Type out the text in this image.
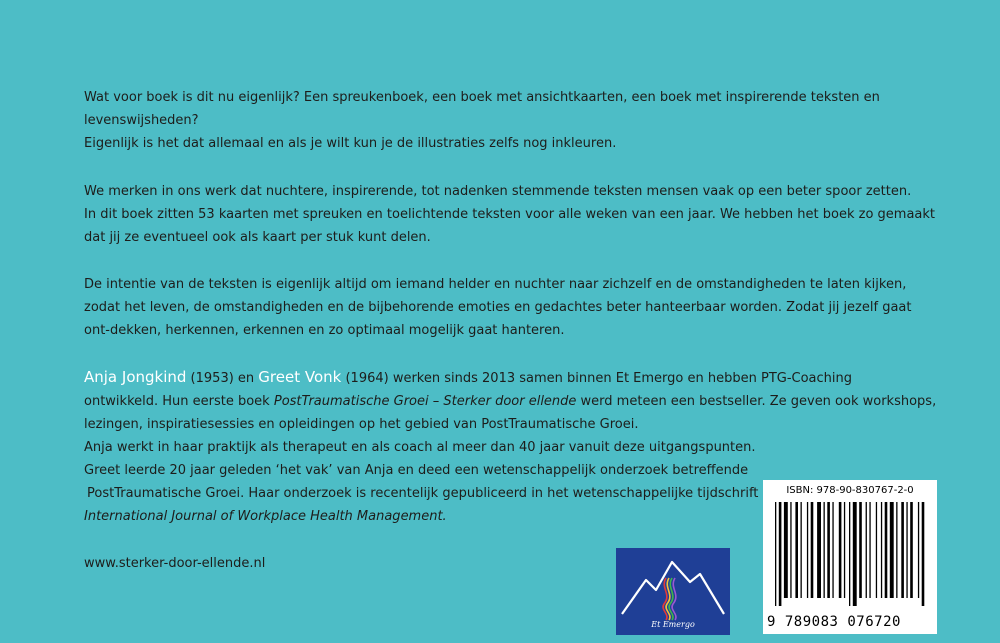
Wat voor boek is dit nu eigenlijk? Een spreukenboek, een boek met ansichtkaarten, een boek met inspirerende teksten en
levenswijsheden?
Eigenlijk is het dat allemaal en als je wilt kun je de illustraties zelfs nog inkleuren.

We merken in ons werk dat nuchtere, inspirerende, tot nadenken stemmende teksten mensen vaak op een beter spoor zetten.
In dit boek zitten 53 kaarten met spreuken en toelichtende teksten voor alle weken van een jaar. We hebben het boek zo gemaakt
dat jij ze eventueel ook als kaart per stuk kunt delen.

De intentie van de teksten is eigenlijk altijd om iemand helder en nuchter naar zichzelf en de omstandigheden te laten kijken,
zodat het leven, de omstandigheden en de bijbehorende emoties en gedachtes beter hanteerbaar worden. Zodat jij jezelf gaat
ont-dekken, herkennen, erkennen en zo optimaal mogelijk gaat hanteren.

Anja Jongkind (1953) en Greet Vonk (1964) werken sinds 2013 samen binnen Et Emergo en hebben PTG-Coaching
ontwikkeld. Hun eerste boek PostTraumatische Groei – Sterker door ellende werd meteen een bestseller. Ze geven ook workshops,
lezingen, inspiratiesessies en opleidingen op het gebied van PostTraumatische Groei.
Anja werkt in haar praktijk als therapeut en als coach al meer dan 40 jaar vanuit deze uitgangspunten.
Greet leerde 20 jaar geleden ‘het vak’ van Anja en deed een wetenschappelijk onderzoek betreffende
PostTraumatische Groei. Haar onderzoek is recentelijk gepubliceerd in het wetenschappelijke tijdschrift
International Journal of Workplace Health Management.

www.sterker-door-ellende.nl
Et Emergo
ISBN: 978-90-830767-2-0
9 789083 076720
